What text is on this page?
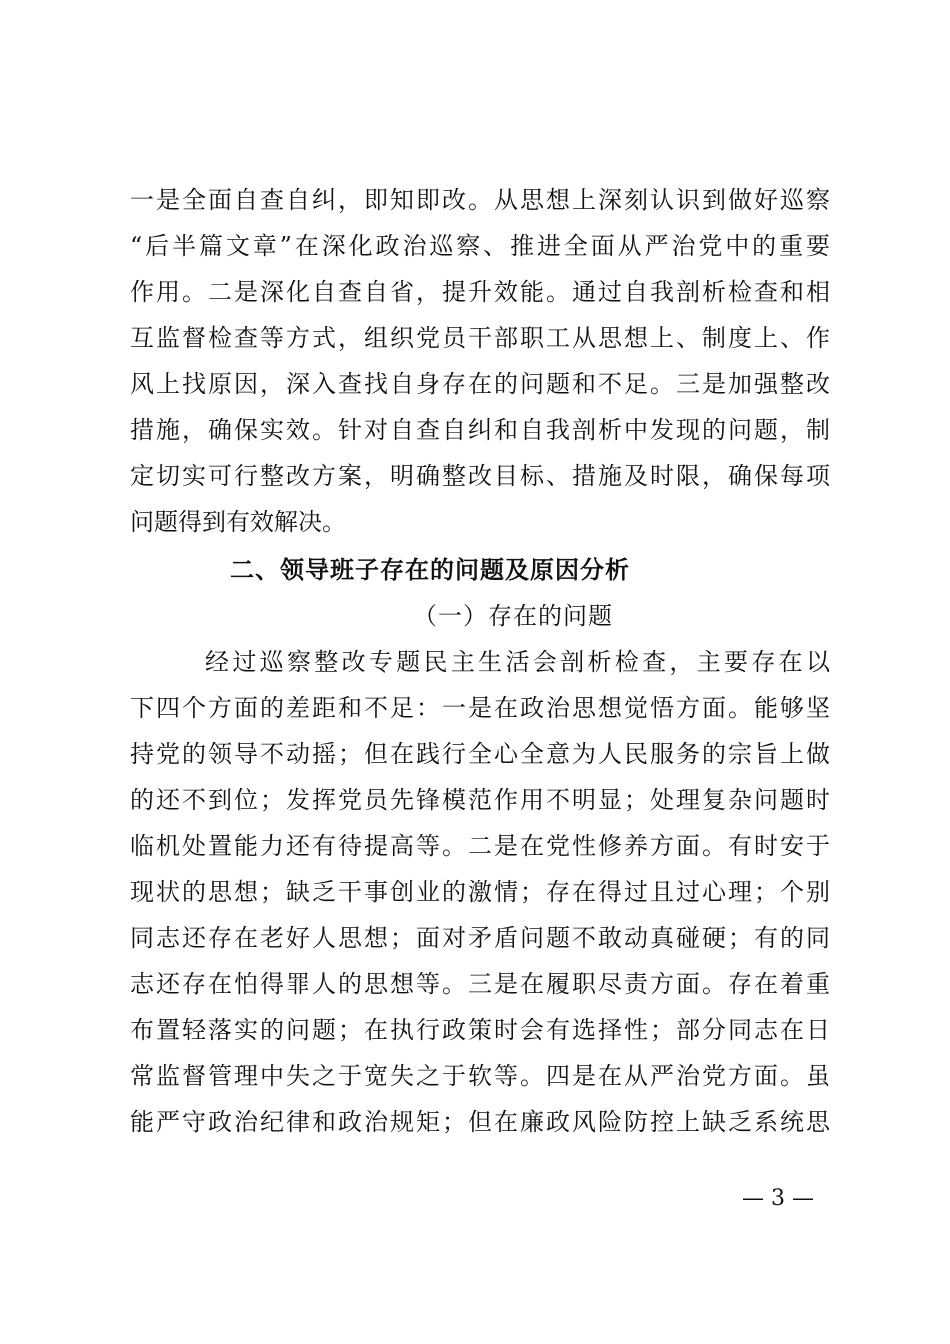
一是全面自查自纠，即知即改。从思想上深刻认识到做好巡察
“后半篇文章”在深化政治巡察、推进全面从严治党中的重要
作用。二是深化自查自省，提升效能。通过自我剖析检查和相
互监督检查等方式，组织党员干部职工从思想上、制度上、作
风上找原因，深入查找自身存在的问题和不足。三是加强整改
措施，确保实效。针对自查自纠和自我剖析中发现的问题，制
定切实可行整改方案，明确整改目标、措施及时限，确保每项
问题得到有效解决。
二、领导班子存在的问题及原因分析
（一）存在的问题
经过巡察整改专题民主生活会剖析检查，主要存在以
下四个方面的差距和不足：一是在政治思想觉悟方面。能够坚
持党的领导不动摇；但在践行全心全意为人民服务的宗旨上做
的还不到位；发挥党员先锋模范作用不明显；处理复杂问题时
临机处置能力还有待提高等。二是在党性修养方面。有时安于
现状的思想；缺乏干事创业的激情；存在得过且过心理；个别
同志还存在老好人思想；面对矛盾问题不敢动真碰硬；有的同
志还存在怕得罪人的思想等。三是在履职尽责方面。存在着重
布置轻落实的问题；在执行政策时会有选择性；部分同志在日
常监督管理中失之于宽失之于软等。四是在从严治党方面。虽
能严守政治纪律和政治规矩；但在廉政风险防控上缺乏系统思
— 3 —
